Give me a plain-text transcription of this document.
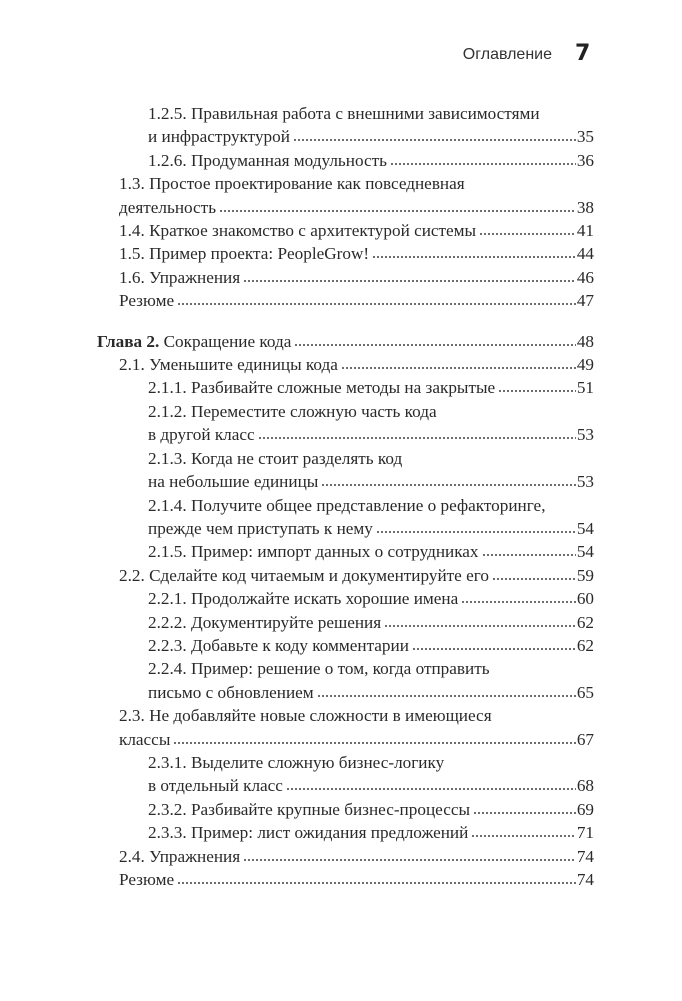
Оглавление 7
1.2.5. Правильная работа с внешними зависимостями
и инфраструктурой	35
1.2.6. Продуманная модульность	36
1.3. Простое проектирование как повседневная
деятельность	38
1.4. Краткое знакомство с архитектурой системы	41
1.5. Пример проекта: PeopleGrow!	44
1.6. Упражнения	46
Резюме	47
Глава 2. Сокращение кода	48
2.1. Уменьшите единицы кода	49
2.1.1. Разбивайте сложные методы на закрытые	51
2.1.2. Переместите сложную часть кода
в другой класс	53
2.1.3. Когда не стоит разделять код
на небольшие единицы	53
2.1.4. Получите общее представление о рефакторинге,
прежде чем приступать к нему	54
2.1.5. Пример: импорт данных о сотрудниках	54
2.2. Сделайте код читаемым и документируйте его	59
2.2.1. Продолжайте искать хорошие имена	60
2.2.2. Документируйте решения	62
2.2.3. Добавьте к коду комментарии	62
2.2.4. Пример: решение о том, когда отправить
письмо с обновлением	65
2.3. Не добавляйте новые сложности в имеющиеся
классы	67
2.3.1. Выделите сложную бизнес-логику
в отдельный класс	68
2.3.2. Разбивайте крупные бизнес-процессы	69
2.3.3. Пример: лист ожидания предложений	71
2.4. Упражнения	74
Резюме	74
